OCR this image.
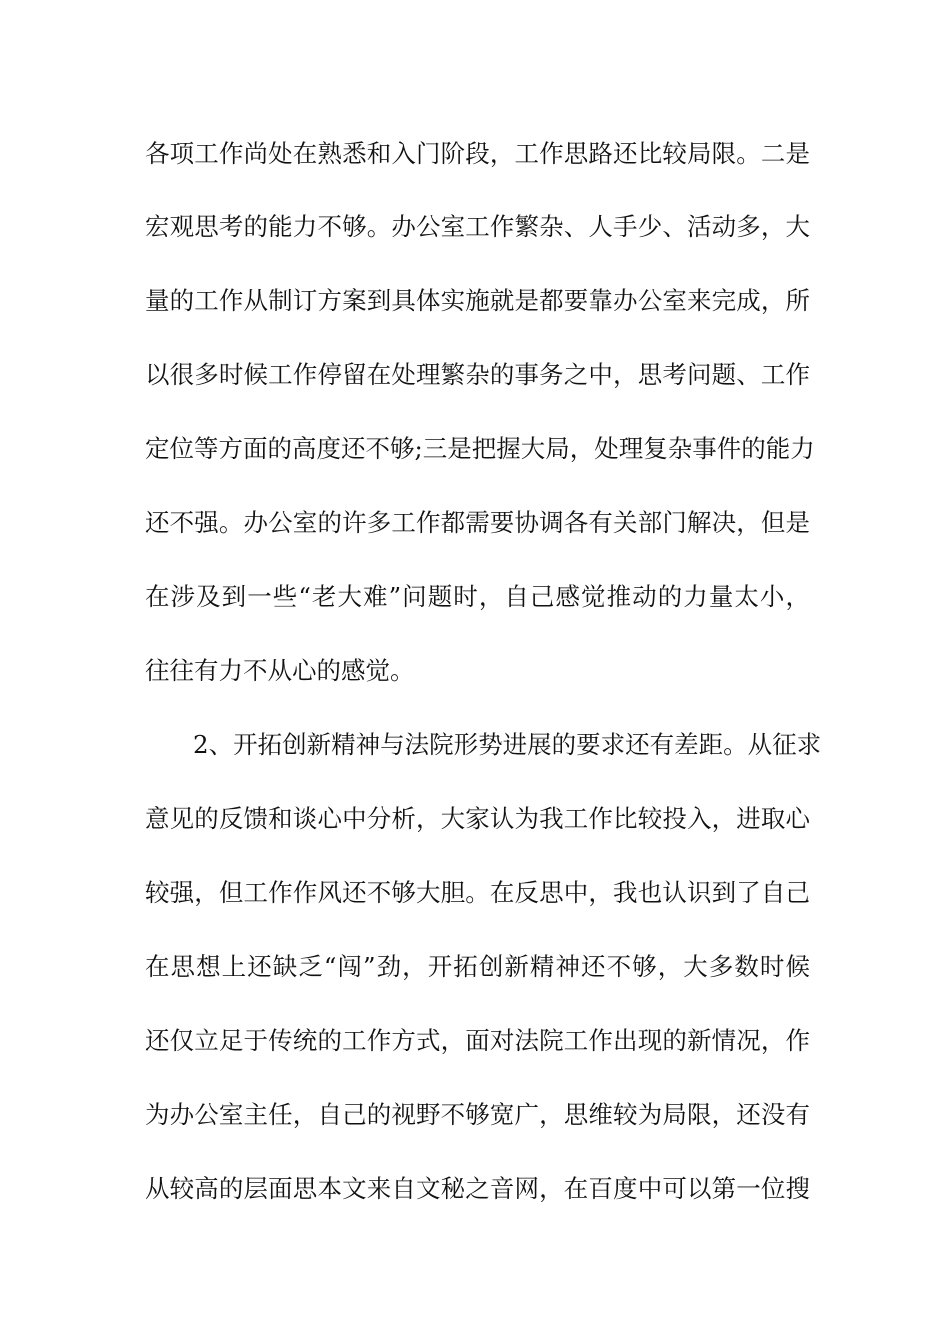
各项工作尚处在熟悉和入门阶段，工作思路还比较局限。二是
宏观思考的能力不够。办公室工作繁杂、人手少、活动多，大
量的工作从制订方案到具体实施就是都要靠办公室来完成，所
以很多时候工作停留在处理繁杂的事务之中，思考问题、工作
定位等方面的高度还不够;三是把握大局，处理复杂事件的能力
还不强。办公室的许多工作都需要协调各有关部门解决，但是
在涉及到一些“老大难”问题时，自己感觉推动的力量太小，
往往有力不从心的感觉。
2、开拓创新精神与法院形势进展的要求还有差距。从征求
意见的反馈和谈心中分析，大家认为我工作比较投入，进取心
较强，但工作作风还不够大胆。在反思中，我也认识到了自己
在思想上还缺乏“闯”劲，开拓创新精神还不够，大多数时候
还仅立足于传统的工作方式，面对法院工作出现的新情况，作
为办公室主任，自己的视野不够宽广，思维较为局限，还没有
从较高的层面思本文来自文秘之音网，在百度中可以第一位搜
